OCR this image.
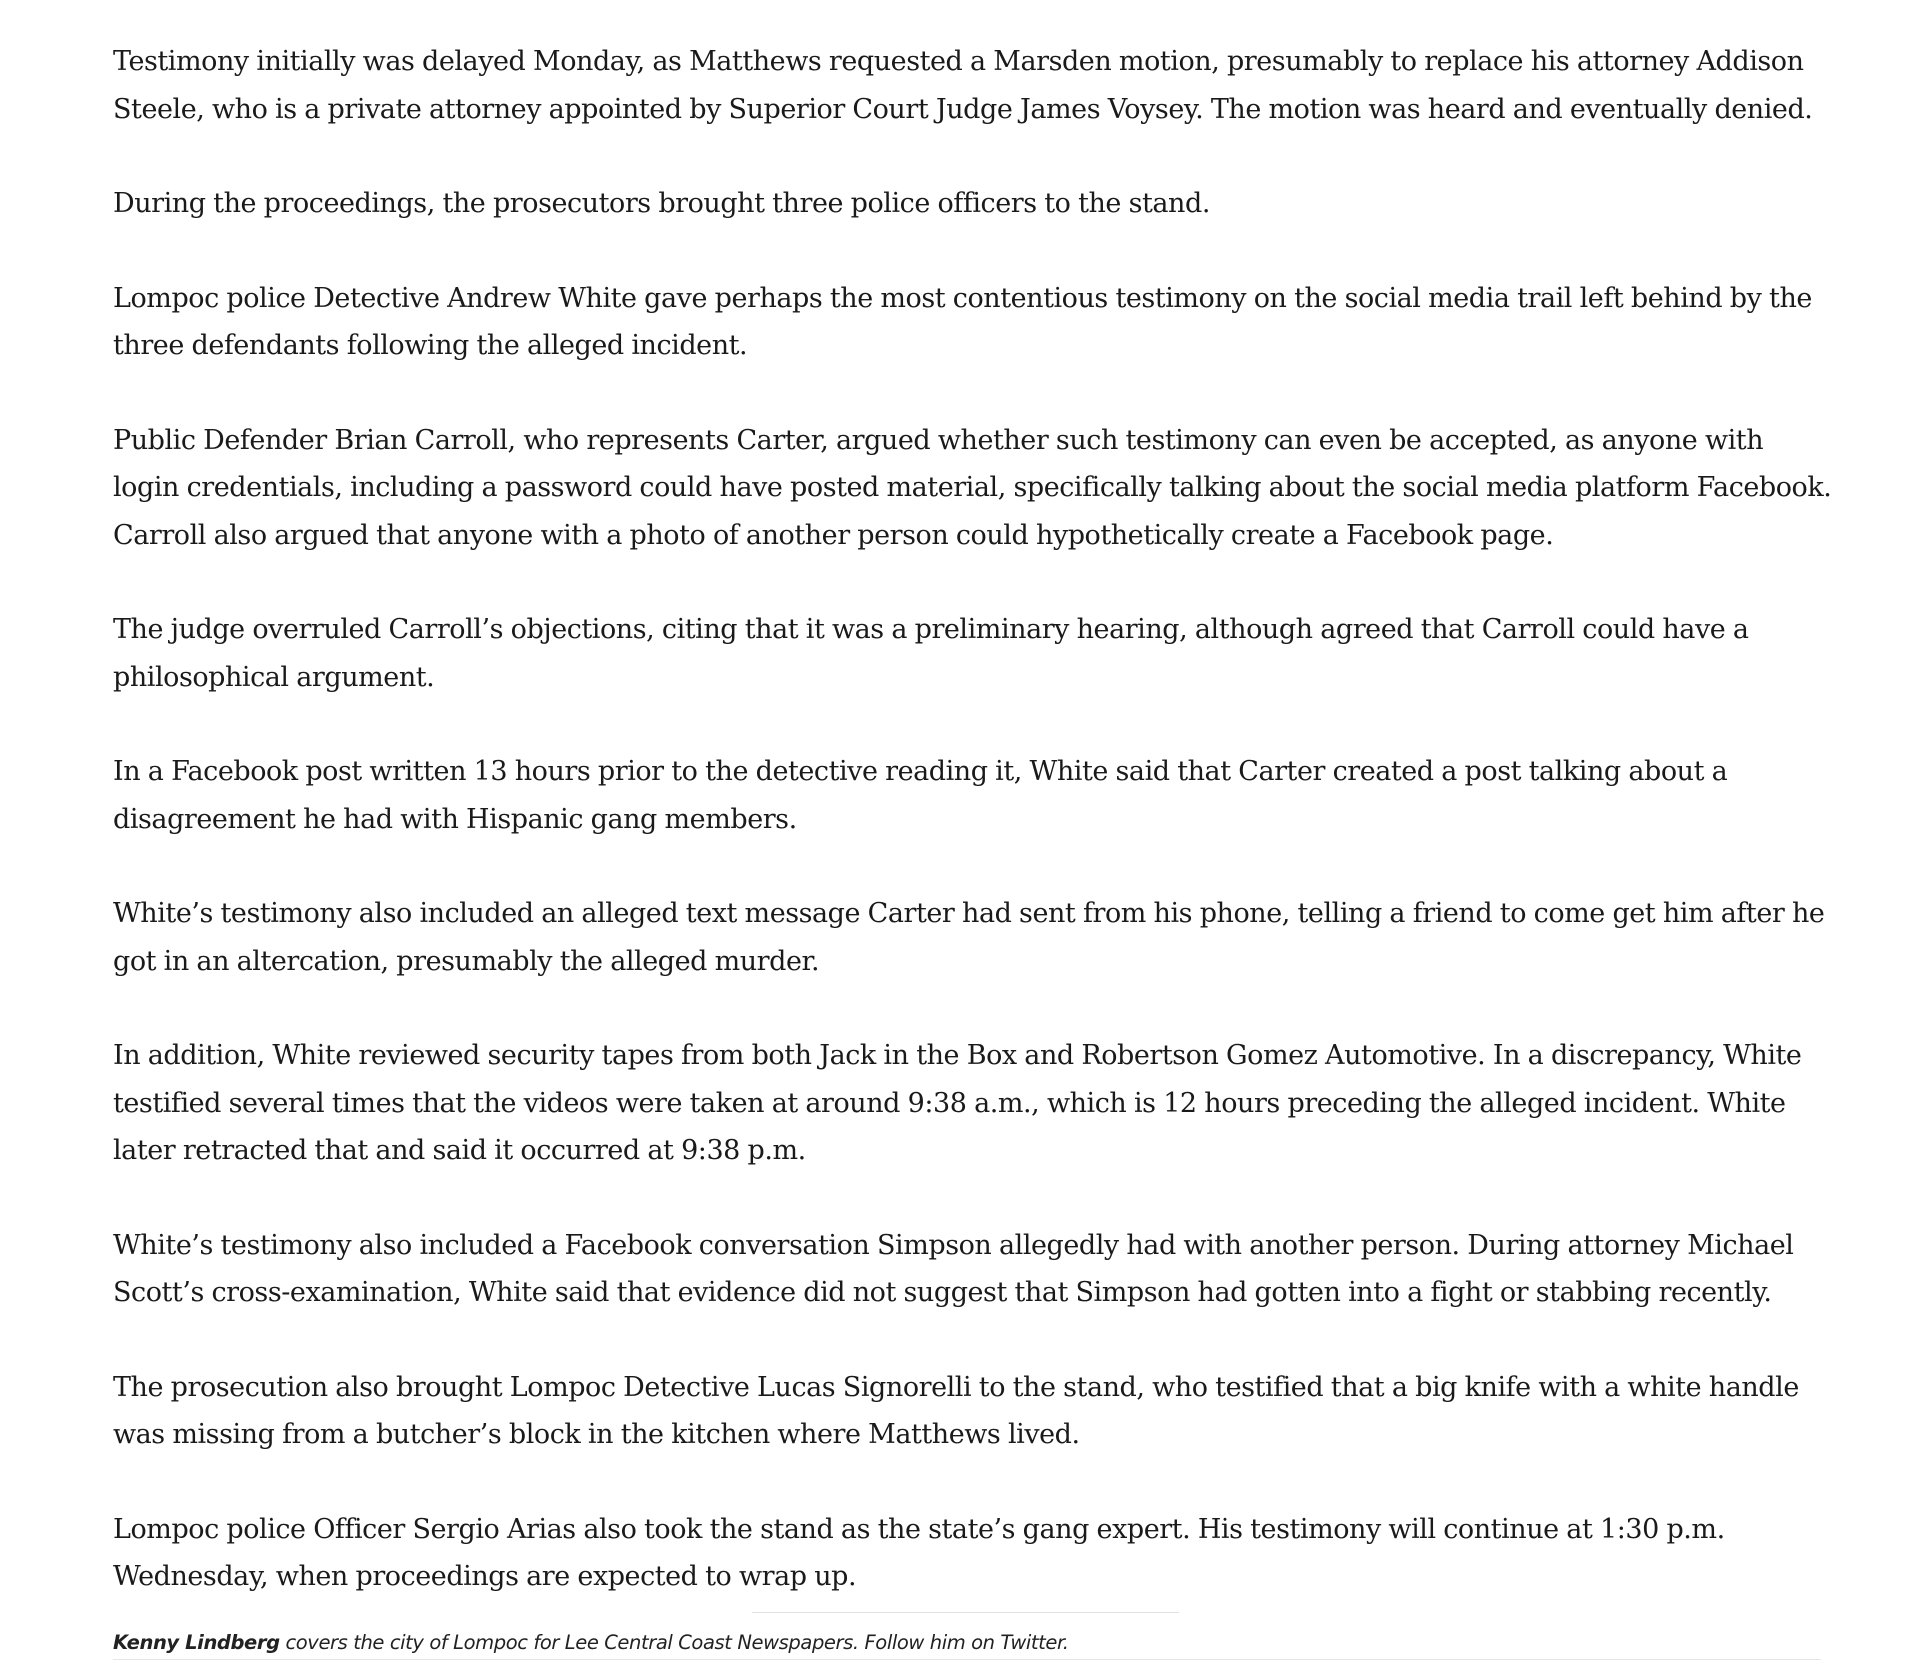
Testimony initially was delayed Monday, as Matthews requested a Marsden motion, presumably to replace his attorney Addison Steele, who is a private attorney appointed by Superior Court Judge James Voysey. The motion was heard and eventually denied.

During the proceedings, the prosecutors brought three police officers to the stand.

Lompoc police Detective Andrew White gave perhaps the most contentious testimony on the social media trail left behind by the three defendants following the alleged incident.

Public Defender Brian Carroll, who represents Carter, argued whether such testimony can even be accepted, as anyone with login credentials, including a password could have posted material, specifically talking about the social media platform Facebook. Carroll also argued that anyone with a photo of another person could hypothetically create a Facebook page.

The judge overruled Carroll’s objections, citing that it was a preliminary hearing, although agreed that Carroll could have a philosophical argument.

In a Facebook post written 13 hours prior to the detective reading it, White said that Carter created a post talking about a disagreement he had with Hispanic gang members.

White’s testimony also included an alleged text message Carter had sent from his phone, telling a friend to come get him after he got in an altercation, presumably the alleged murder.

In addition, White reviewed security tapes from both Jack in the Box and Robertson Gomez Automotive. In a discrepancy, White testified several times that the videos were taken at around 9:38 a.m., which is 12 hours preceding the alleged incident. White later retracted that and said it occurred at 9:38 p.m.

White’s testimony also included a Facebook conversation Simpson allegedly had with another person. During attorney Michael Scott’s cross-examination, White said that evidence did not suggest that Simpson had gotten into a fight or stabbing recently.

The prosecution also brought Lompoc Detective Lucas Signorelli to the stand, who testified that a big knife with a white handle was missing from a butcher’s block in the kitchen where Matthews lived.

Lompoc police Officer Sergio Arias also took the stand as the state’s gang expert. His testimony will continue at 1:30 p.m. Wednesday, when proceedings are expected to wrap up.

Kenny Lindberg covers the city of Lompoc for Lee Central Coast Newspapers. Follow him on Twitter.
